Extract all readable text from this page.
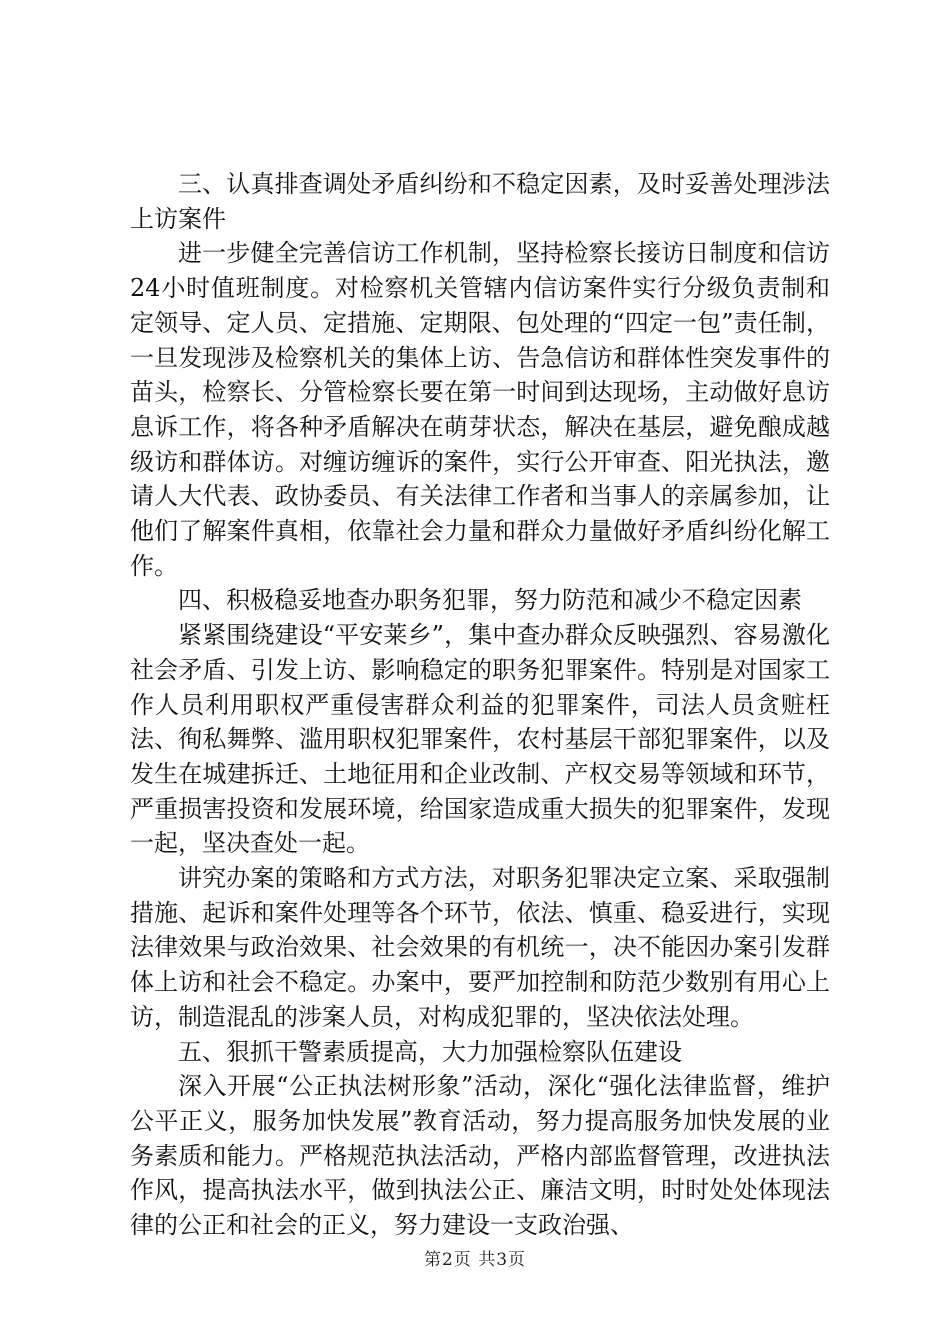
三、认真排查调处矛盾纠纷和不稳定因素，及时妥善处理涉法上访案件

进一步健全完善信访工作机制，坚持检察长接访日制度和信访24小时值班制度。对检察机关管辖内信访案件实行分级负责制和定领导、定人员、定措施、定期限、包处理的“四定一包”责任制，一旦发现涉及检察机关的集体上访、告急信访和群体性突发事件的苗头，检察长、分管检察长要在第一时间到达现场，主动做好息访息诉工作，将各种矛盾解决在萌芽状态，解决在基层，避免酿成越级访和群体访。对缠访缠诉的案件，实行公开审查、阳光执法，邀请人大代表、政协委员、有关法律工作者和当事人的亲属参加，让他们了解案件真相，依靠社会力量和群众力量做好矛盾纠纷化解工作。

四、积极稳妥地查办职务犯罪，努力防范和减少不稳定因素

紧紧围绕建设“平安莱乡”，集中查办群众反映强烈、容易激化社会矛盾、引发上访、影响稳定的职务犯罪案件。特别是对国家工作人员利用职权严重侵害群众利益的犯罪案件，司法人员贪赃枉法、徇私舞弊、滥用职权犯罪案件，农村基层干部犯罪案件，以及发生在城建拆迁、土地征用和企业改制、产权交易等领域和环节，严重损害投资和发展环境，给国家造成重大损失的犯罪案件，发现一起，坚决查处一起。

讲究办案的策略和方式方法，对职务犯罪决定立案、采取强制措施、起诉和案件处理等各个环节，依法、慎重、稳妥进行，实现法律效果与政治效果、社会效果的有机统一，决不能因办案引发群体上访和社会不稳定。办案中，要严加控制和防范少数别有用心上访，制造混乱的涉案人员，对构成犯罪的，坚决依法处理。

五、狠抓干警素质提高，大力加强检察队伍建设

深入开展“公正执法树形象”活动，深化“强化法律监督，维护公平正义，服务加快发展”教育活动，努力提高服务加快发展的业务素质和能力。严格规范执法活动，严格内部监督管理，改进执法作风，提高执法水平，做到执法公正、廉洁文明，时时处处体现法律的公正和社会的正义，努力建设一支政治强、

第2页 共3页
